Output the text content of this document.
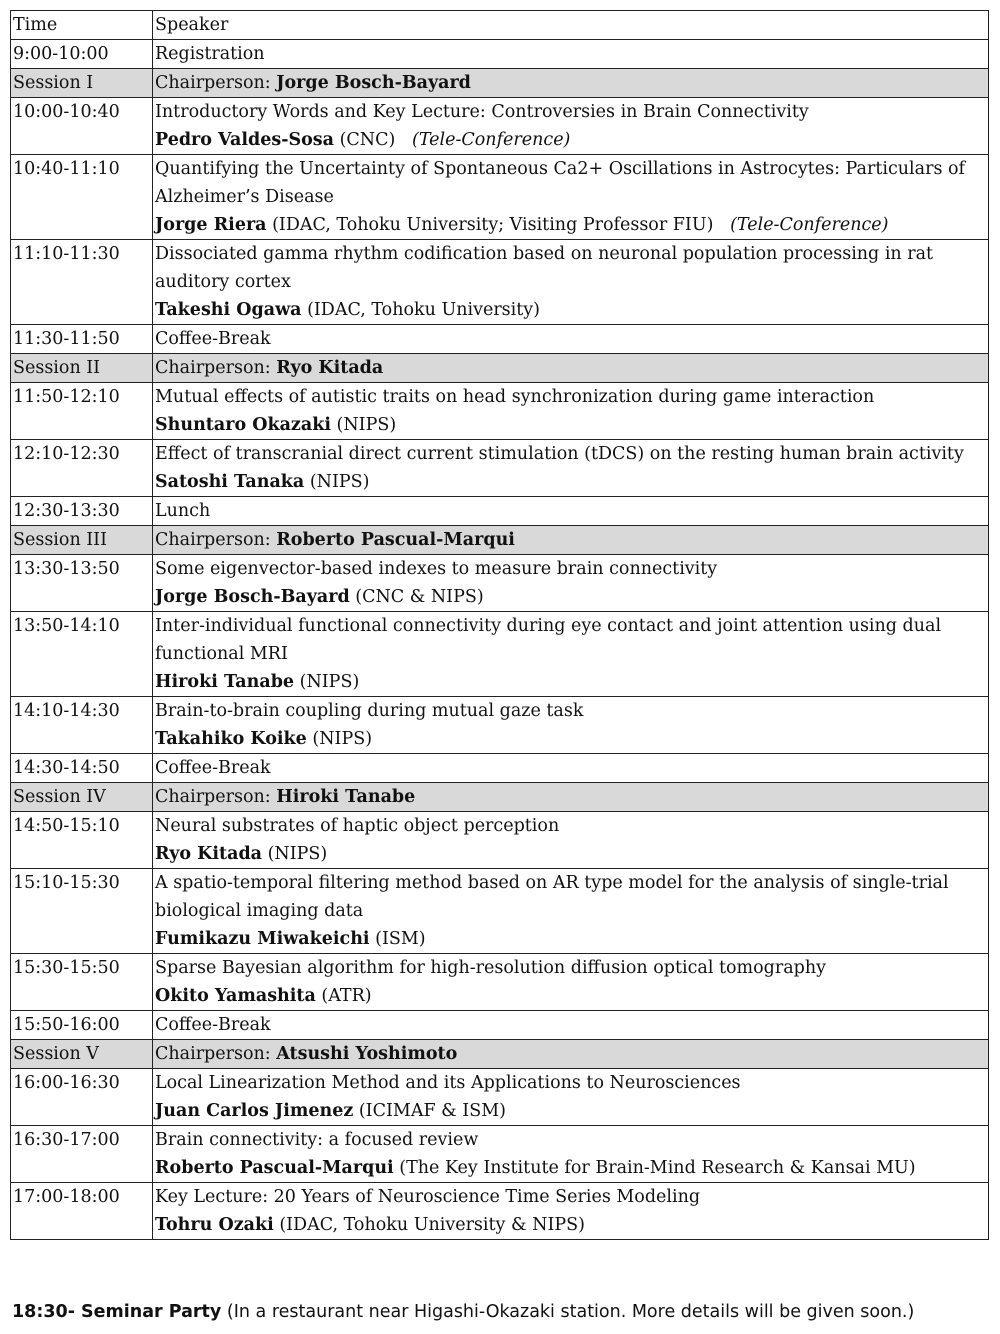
Time	Speaker
9:00-10:00	Registration
Session I	Chairperson: Jorge Bosch-Bayard
10:00-10:40	Introductory Words and Key Lecture: Controversies in Brain Connectivity
Pedro Valdes-Sosa (CNC) (Tele-Conference)

10:40-11:10	Quantifying the Uncertainty of Spontaneous Ca2+ Oscillations in Astrocytes: Particulars of
Alzheimer’s Disease
Jorge Riera (IDAC, Tohoku University; Visiting Professor FIU) (Tele-Conference)

11:10-11:30	Dissociated gamma rhythm codification based on neuronal population processing in rat
auditory cortex
Takeshi Ogawa (IDAC, Tohoku University)

11:30-11:50	Coffee-Break
Session II	Chairperson: Ryo Kitada
11:50-12:10	Mutual effects of autistic traits on head synchronization during game interaction
Shuntaro Okazaki (NIPS)

12:10-12:30	Effect of transcranial direct current stimulation (tDCS) on the resting human brain activity
Satoshi Tanaka (NIPS)

12:30-13:30	Lunch
Session III	Chairperson: Roberto Pascual-Marqui
13:30-13:50	Some eigenvector-based indexes to measure brain connectivity
Jorge Bosch-Bayard (CNC & NIPS)

13:50-14:10	Inter-individual functional connectivity during eye contact and joint attention using dual
functional MRI
Hiroki Tanabe (NIPS)

14:10-14:30	Brain-to-brain coupling during mutual gaze task
Takahiko Koike (NIPS)

14:30-14:50	Coffee-Break
Session IV	Chairperson: Hiroki Tanabe
14:50-15:10	Neural substrates of haptic object perception
Ryo Kitada (NIPS)

15:10-15:30	A spatio-temporal filtering method based on AR type model for the analysis of single-trial
biological imaging data
Fumikazu Miwakeichi (ISM)

15:30-15:50	Sparse Bayesian algorithm for high-resolution diffusion optical tomography
Okito Yamashita (ATR)

15:50-16:00	Coffee-Break
Session V	Chairperson: Atsushi Yoshimoto
16:00-16:30	Local Linearization Method and its Applications to Neurosciences
Juan Carlos Jimenez (ICIMAF & ISM)

16:30-17:00	Brain connectivity: a focused review
Roberto Pascual-Marqui (The Key Institute for Brain-Mind Research & Kansai MU)

17:00-18:00	Key Lecture: 20 Years of Neuroscience Time Series Modeling
Tohru Ozaki (IDAC, Tohoku University & NIPS)
18:30- Seminar Party (In a restaurant near Higashi-Okazaki station. More details will be given soon.)
